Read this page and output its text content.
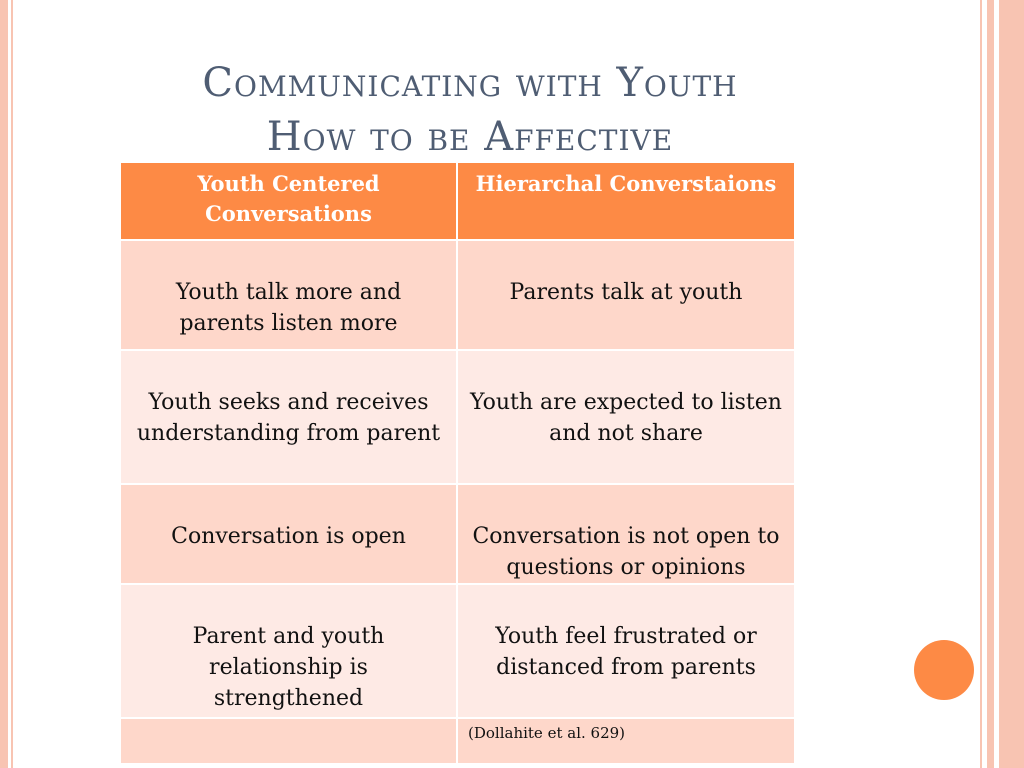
Communicating with Youth
How to be Affective
Youth Centered Conversations	Hierarchal Converstaions
Youth talk more and parents listen more	Parents talk at youth
Youth seeks and receives understanding from parent	Youth are expected to listen and not share
Conversation is open	Conversation is not open to questions or opinions
Parent and youth relationship is strengthened	Youth feel frustrated or distanced from parents
	(Dollahite et al. 629)
